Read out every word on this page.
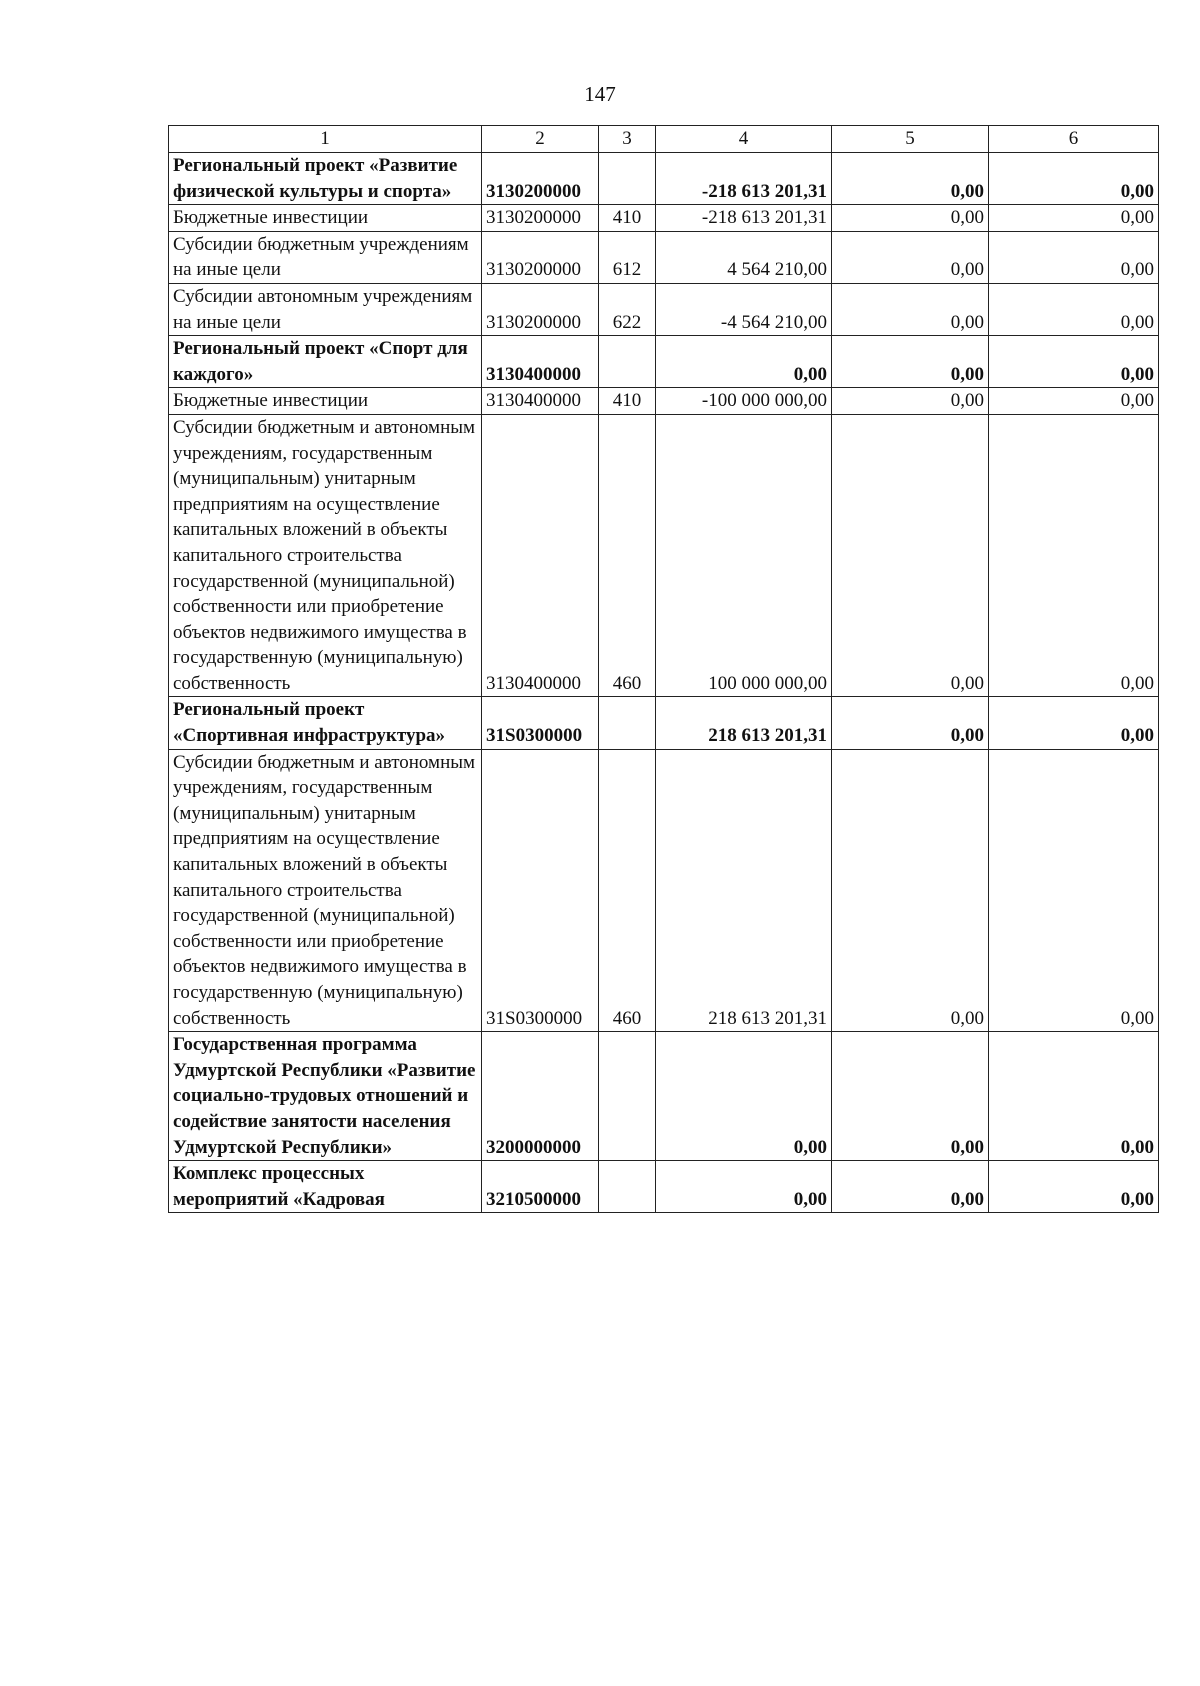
147
1	2	3	4	5	6
Региональный проект «Развитие физической культуры и спорта»	3130200000		-218 613 201,31	0,00	0,00
Бюджетные инвестиции	3130200000	410	-218 613 201,31	0,00	0,00
Субсидии бюджетным учреждениям на иные цели	3130200000	612	4 564 210,00	0,00	0,00
Субсидии автономным учреждениям на иные цели	3130200000	622	-4 564 210,00	0,00	0,00
Региональный проект «Спорт для каждого»	3130400000		0,00	0,00	0,00
Бюджетные инвестиции	3130400000	410	-100 000 000,00	0,00	0,00
Субсидии бюджетным и автономным учреждениям, государственным (муниципальным) унитарным предприятиям на осуществление капитальных вложений в объекты капитального строительства государственной (муниципальной) собственности или приобретение объектов недвижимого имущества в государственную (муниципальную) собственность	3130400000	460	100 000 000,00	0,00	0,00
Региональный проект «Спортивная инфраструктура»	31S0300000		218 613 201,31	0,00	0,00
Субсидии бюджетным и автономным учреждениям, государственным (муниципальным) унитарным предприятиям на осуществление капитальных вложений в объекты капитального строительства государственной (муниципальной) собственности или приобретение объектов недвижимого имущества в государственную (муниципальную) собственность	31S0300000	460	218 613 201,31	0,00	0,00
Государственная программа Удмуртской Республики «Развитие социально-трудовых отношений и содействие занятости населения Удмуртской Республики»	3200000000		0,00	0,00	0,00
Комплекс процессных мероприятий «Кадровая	3210500000		0,00	0,00	0,00
